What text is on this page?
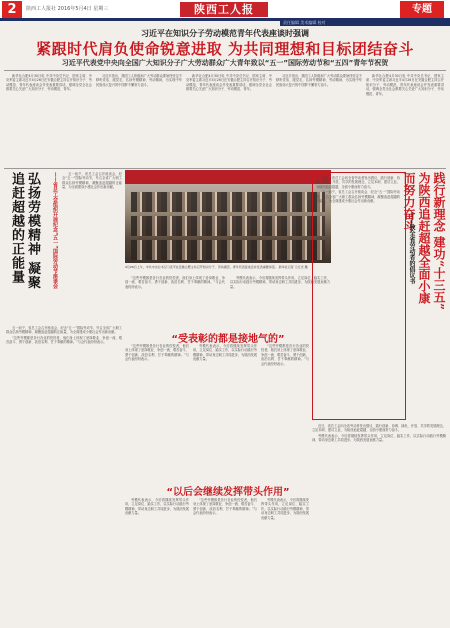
2	陕西工人报社 2016年5月4日 星期三	陕西工人报	专题
责任编辑 美术编辑 校对
习近平在知识分子劳动模范青年代表座谈时强调
紧跟时代肩负使命锐意进取 为共同理想和目标团结奋斗
习近平代表党中央向全国广大知识分子广大劳动群众广大青年致以“五一”国际劳动节和“五四”青年节祝贺

新华社合肥4月30日电 中共中央总书记、国家主席、中央军委主席习近平4月26日在安徽合肥主持召开知识分子、劳动模范、青年代表座谈会并发表重要讲话，强调全党全社会都要关心关爱广大知识分子、劳动模范、青年。

习近平指出，我国工人阶级和广大劳动群众要始终坚定不移听党话、跟党走，弘扬劳模精神、劳动精神，为实现中华民族伟大复兴的中国梦不懈努力奋斗。

新华社合肥4月30日电 中共中央总书记、国家主席、中央军委主席习近平4月26日在安徽合肥主持召开知识分子、劳动模范、青年代表座谈会并发表重要讲话，强调全党全社会都要关心关爱广大知识分子、劳动模范、青年。

习近平指出，我国工人阶级和广大劳动群众要始终坚定不移听党话、跟党走，弘扬劳模精神、劳动精神，为实现中华民族伟大复兴的中国梦不懈努力奋斗。

新华社合肥4月30日电 中共中央总书记、国家主席、中央军委主席习近平4月26日在安徽合肥主持召开知识分子、劳动模范、青年代表座谈会并发表重要讲话，强调全党全社会都要关心关爱广大知识分子、劳动模范、青年。

弘扬劳模精神 凝聚追赶超越的正能量	——省总工会组织开展纪念“五一”国际劳动节座谈会	五一前夕，省总工会召开座谈会，纪念“五一”国际劳动节，号召全省广大职工群众弘扬劳模精神，凝聚追赶超越的正能量，为全面建成小康社会作出新贡献。

五一前夕，省总工会召开座谈会，纪念“五一”国际劳动节，号召全省广大职工群众弘扬劳模精神，凝聚追赶超越的正能量，为全面建成小康社会作出新贡献。

“这些劳模都是各行各业的佼佼者，他们身上体现了爱岗敬业、争创一流、艰苦奋斗、勇于创新、淡泊名利、甘于奉献的精神。”与会代表纷纷表示。

4月26日上午，中共中央总书记习近平在安徽合肥主持召开知识分子、劳动模范、青年代表座谈会并发表重要讲话。 新华社记者 兰红光 摄

“这些劳模都是各行各业的佼佼者，他们身上体现了爱岗敬业、争创一流、艰苦奋斗、勇于创新、淡泊名利、甘于奉献的精神。”与会代表纷纷表示。

劳模代表表示，今后将继续发挥带头作用，立足岗位、踏实工作，以实际行动践行劳模精神，带动身边职工共同进步，为陕西发展贡献力量。

“受表彰的都是接地气的”

“这些劳模都是各行各业的佼佼者，他们身上体现了爱岗敬业、争创一流、艰苦奋斗、勇于创新、淡泊名利、甘于奉献的精神。”与会代表纷纷表示。

劳模代表表示，今后将继续发挥带头作用，立足岗位、踏实工作，以实际行动践行劳模精神，带动身边职工共同进步，为陕西发展贡献力量。

“这些劳模都是各行各业的佼佼者，他们身上体现了爱岗敬业、争创一流、艰苦奋斗、勇于创新、淡泊名利、甘于奉献的精神。”与会代表纷纷表示。

“以后会继续发挥带头作用”

劳模代表表示，今后将继续发挥带头作用，立足岗位、踏实工作，以实际行动践行劳模精神，带动身边职工共同进步，为陕西发展贡献力量。

“这些劳模都是各行各业的佼佼者，他们身上体现了爱岗敬业、争创一流、艰苦奋斗、勇于创新、淡泊名利、甘于奉献的精神。”与会代表纷纷表示。

劳模代表表示，今后将继续发挥带头作用，立足岗位、踏实工作，以实际行动践行劳模精神，带动身边职工共同进步，为陕西发展贡献力量。

近日，省总工会向全省劳动者发出倡议，践行创新、协调、绿色、开放、共享的发展理念，立足本职、建功立业，为陕西追赶超越、全面小康而努力奋斗。

五一前夕，省总工会召开座谈会，纪念“五一”国际劳动节，号召全省广大职工群众弘扬劳模精神，凝聚追赶超越的正能量，为全面建成小康社会作出新贡献。	践行新理念 建功“十三五” 为陕西追赶超越全面小康而努力奋斗
——致全省劳动者的倡议书

近日，省总工会向全省劳动者发出倡议，践行创新、协调、绿色、开放、共享的发展理念，立足本职、建功立业，为陕西追赶超越、全面小康而努力奋斗。

劳模代表表示，今后将继续发挥带头作用，立足岗位、踏实工作，以实际行动践行劳模精神，带动身边职工共同进步，为陕西发展贡献力量。
